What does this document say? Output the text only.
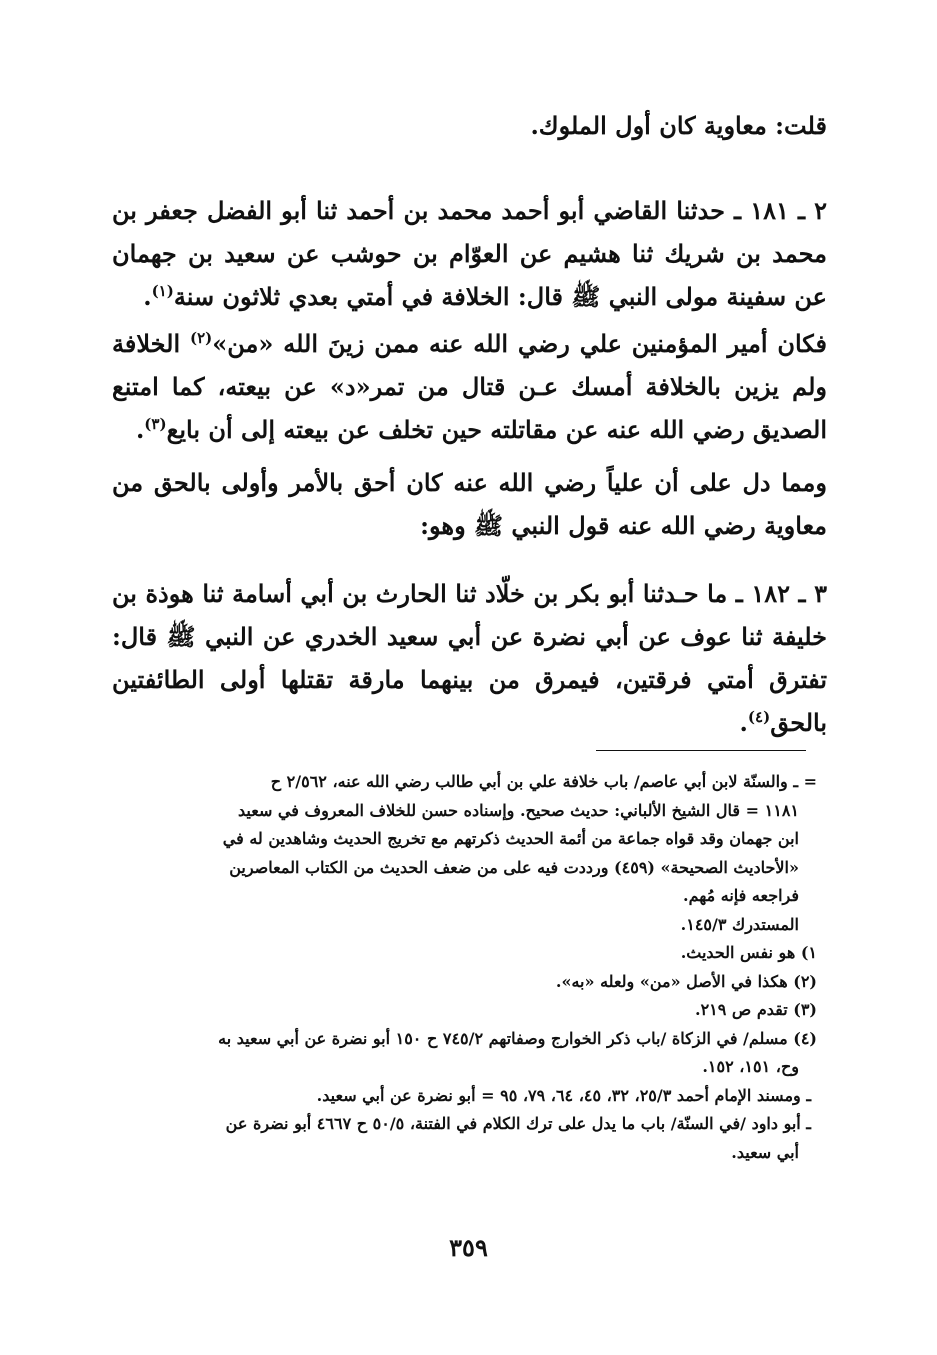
قلت: معاوية كان أول الملوك.
٢ ـ ١٨١ ـ حدثنا القاضي أبو أحمد محمد بن أحمد ثنا أبو الفضل جعفر بن محمد بن شريك ثنا هشيم عن العوّام بن حوشب عن سعيد بن جهمان عن سفينة مولى النبي ﷺ قال: الخلافة في أمتي بعدي ثلاثون سنة$^{(١)}$.
فكان أمير المؤمنين علي رضي الله عنه ممن زينَ الله «من»$^{(٢)}$ الخلافة ولم يزين بالخلافة أمسك عـن قتال من تمر«د» عن بيعته، كما امتنع الصديق رضي الله عنه عن مقاتلته حين تخلف عن بيعته إلى أن بايع$^{(٣)}$.
ومما دل على أن علياً رضي الله عنه كان أحق بالأمر وأولى بالحق من معاوية رضي الله عنه قول النبي ﷺ وهو:
٣ ـ ١٨٢ ـ ما حـدثنا أبو بكر بن خلّاد ثنا الحارث بن أبي أسامة ثنا هوذة بن خليفة ثنا عوف عن أبي نضرة عن أبي سعيد الخدري عن النبي ﷺ قال: تفترق أمتي فرقتين، فيمرق من بينهما مارقة تقتلها أولى الطائفتين بالحق$^{(٤)}$.
= ـ والسنّة لابن أبي عاصم/ باب خلافة علي بن أبي طالب رضي الله عنه، ٢/٥٦٢ ح
١١٨١ = قال الشيخ الألباني: حديث صحيح. وإسناده حسن للخلاف المعروف في سعيد
ابن جهمان وقد قواه جماعة من أئمة الحديث ذكرتهم مع تخريج الحديث وشاهدين له في
«الأحاديث الصحيحة» (٤٥٩) ورددت فيه على من ضعف الحديث من الكتاب المعاصرين
فراجعه فإنه مُهم.
المستدرك ١٤٥/٣.
١) هو نفس الحديث.
(٢) هكذا في الأصل «من» ولعله «به».
(٣) تقدم ص ٢١٩.
(٤) مسلم/ في الزكاة /باب ذكر الخوارج وصفاتهم ٧٤٥/٢ ح ١٥٠ أبو نضرة عن أبي سعيد به
وح، ١٥١، ١٥٢.
ـ ومسند الإمام أحمد ٢٥/٣، ٣٢، ٤٥، ٦٤، ٧٩، ٩٥ = أبو نضرة عن أبي سعيد.
ـ أبو داود /في السنّة/ باب ما يدل على ترك الكلام في الفتنة، ٥٠/٥ ح ٤٦٦٧ أبو نضرة عن
أبي سعيد.
٣٥٩
